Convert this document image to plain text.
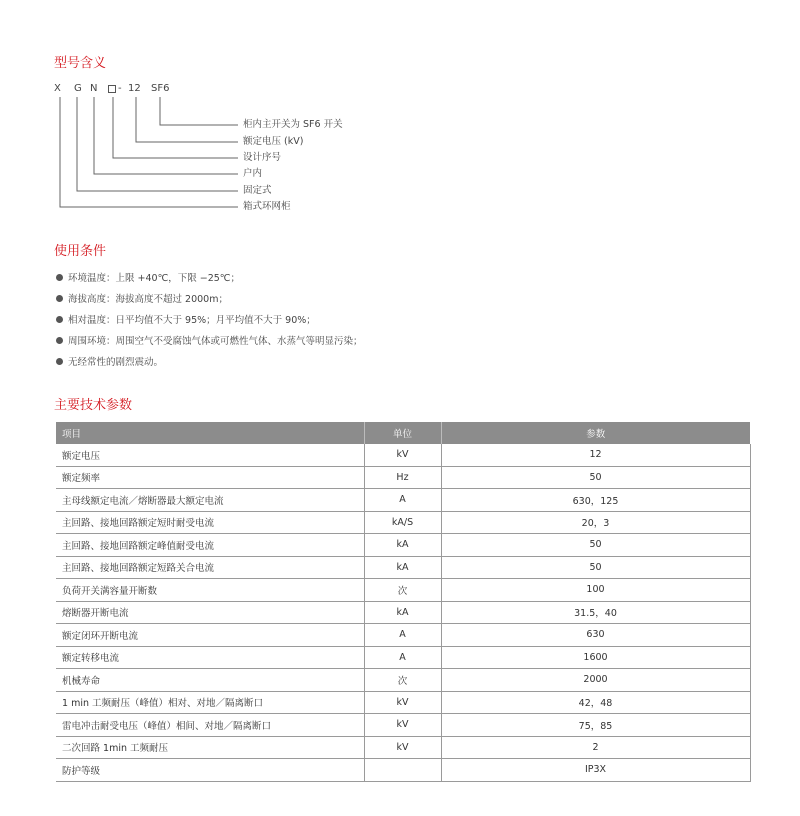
型号含义
X G N - 12 SF6
柜内主开关为 SF6 开关
额定电压 (kV)
设计序号
户内
固定式
箱式环网柜
使用条件
环境温度：上限 +40℃，下限 −25℃；
海拔高度：海拔高度不超过 2000m；
相对温度：日平均值不大于 95%；月平均值不大于 90%；
周围环境：周围空气不受腐蚀气体或可燃性气体、水蒸气等明显污染；
无经常性的剧烈震动。
主要技术参数
项目	单位	参数
额定电压	kV	12
额定频率	Hz	50
主母线额定电流／熔断器最大额定电流	A	630，125
主回路、接地回路额定短时耐受电流	kA/S	20，3
主回路、接地回路额定峰值耐受电流	kA	50
主回路、接地回路额定短路关合电流	kA	50
负荷开关满容量开断数	次	100
熔断器开断电流	kA	31.5，40
额定闭环开断电流	A	630
额定转移电流	A	1600
机械寿命	次	2000
1 min 工频耐压（峰值）相对、对地／隔离断口	kV	42，48
雷电冲击耐受电压（峰值）相间、对地／隔离断口	kV	75，85
二次回路 1min 工频耐压	kV	2
防护等级		IP3X
